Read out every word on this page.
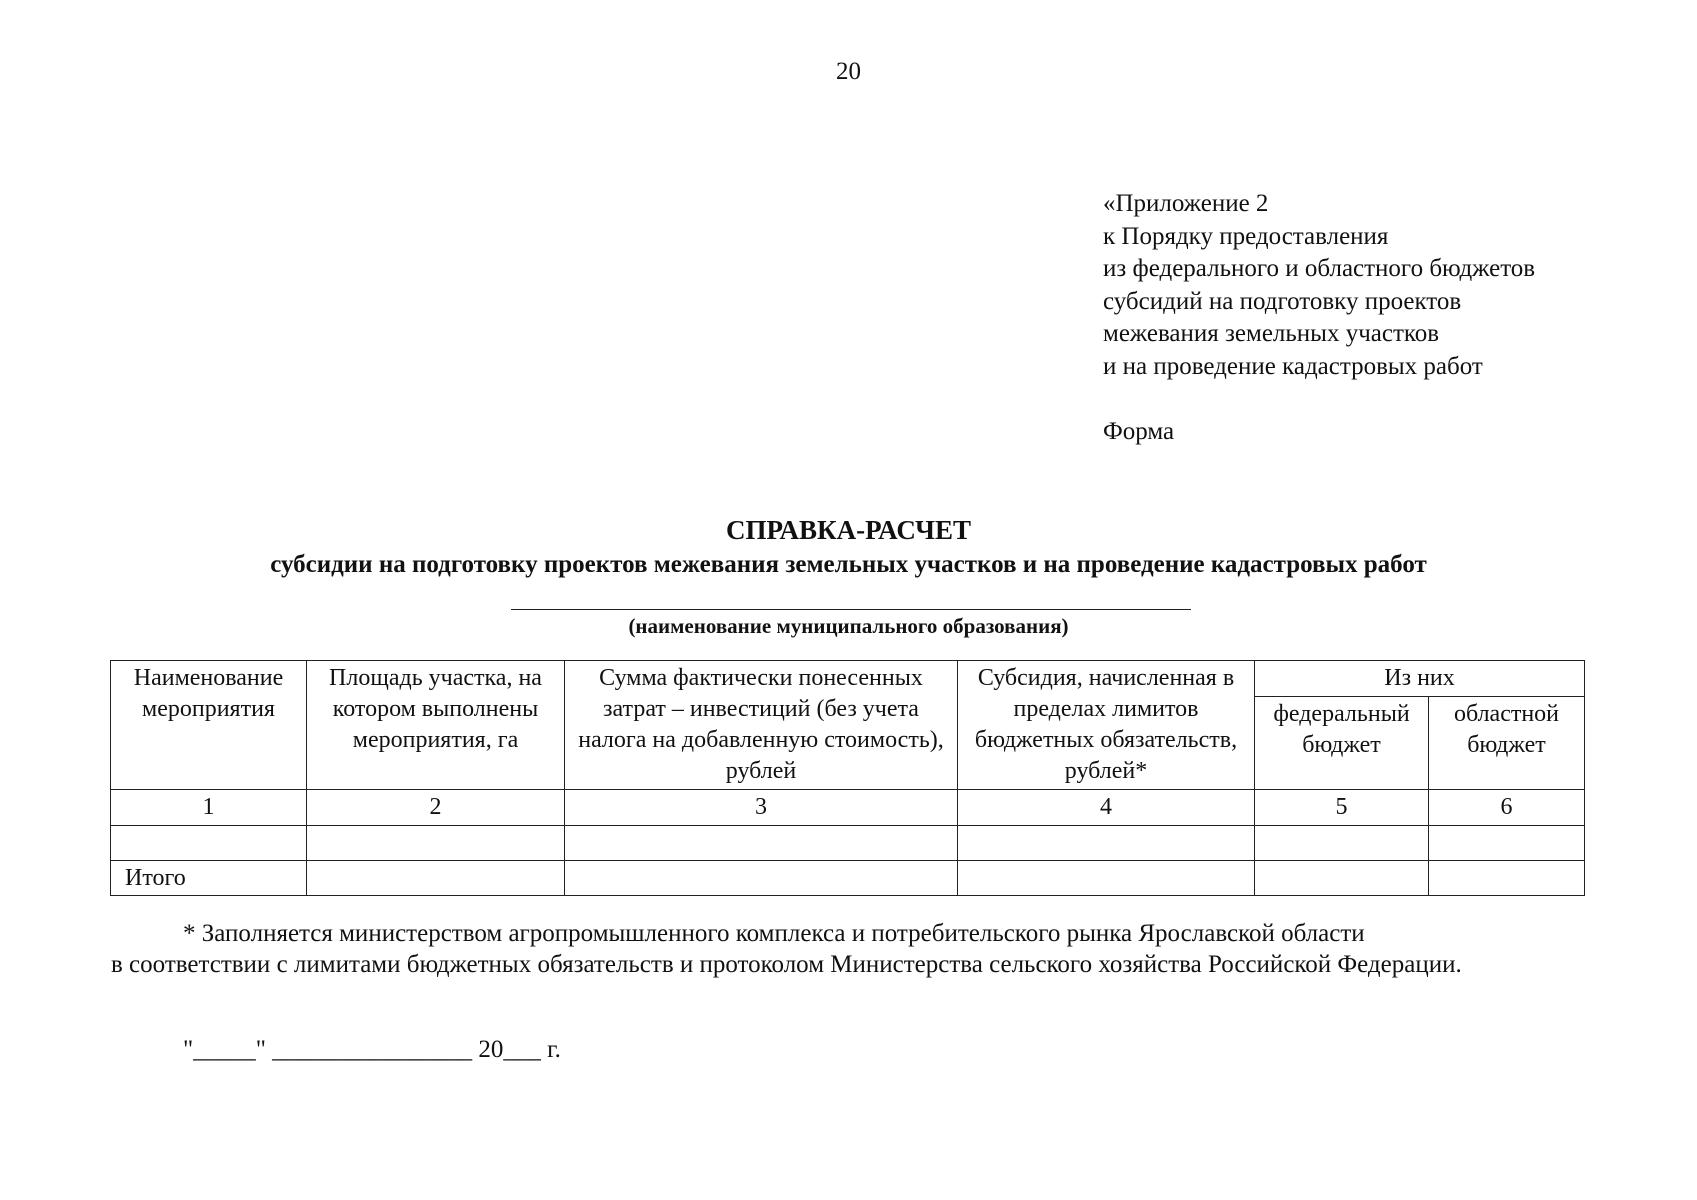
20
«Приложение 2
к Порядку предоставления
из федерального и областного бюджетов
субсидий на подготовку проектов
межевания земельных участков
и на проведение кадастровых работ
Форма
СПРАВКА-РАСЧЕТ
субсидии на подготовку проектов межевания земельных участков и на проведение кадастровых работ
(наименование муниципального образования)
Наименование мероприятия	Площадь участка, на котором выполнены мероприятия, га	Сумма фактически понесенных затрат – инвестиций (без учета налога на добавленную стоимость), рублей	Субсидия, начисленная в пределах лимитов бюджетных обязательств, рублей*	Из них	
				федеральный бюджет	областной бюджет
1	2	3	4	5	6

Итого					
* Заполняется министерством агропромышленного комплекса и потребительского рынка Ярославской области
в соответствии с лимитами бюджетных обязательств и протоколом Министерства сельского хозяйства Российской Федерации.
"_____" ________________ 20___ г.
